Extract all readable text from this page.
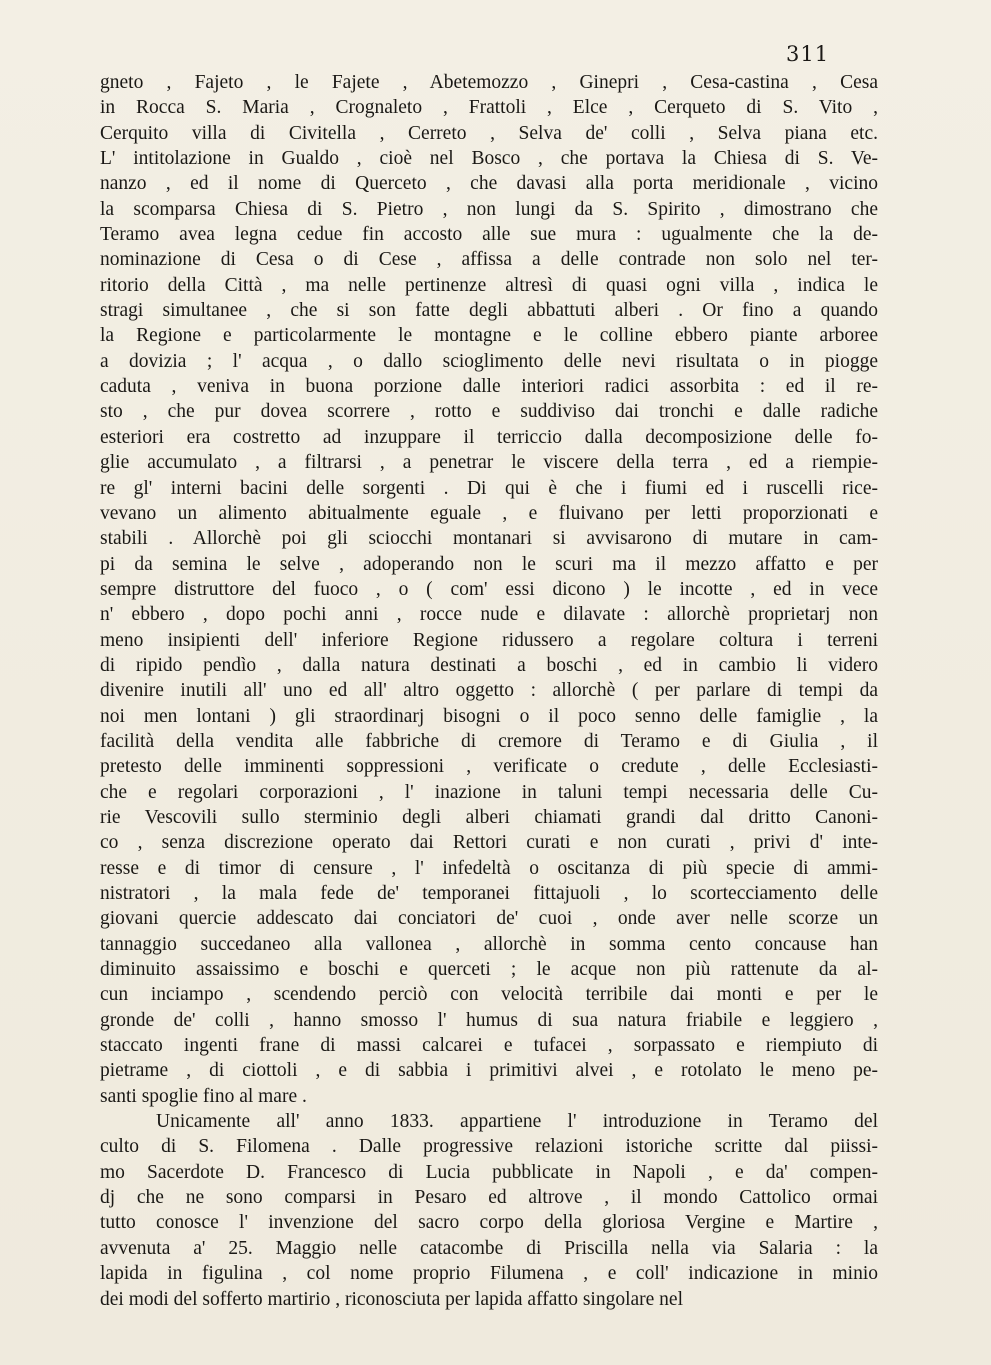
311
gneto , Fajeto , le Fajete , Abetemozzo , Ginepri , Cesa-castina , Cesa
in Rocca S. Maria , Crognaleto , Frattoli , Elce , Cerqueto di S. Vito ,
Cerquito villa di Civitella , Cerreto , Selva de' colli , Selva piana etc.
L' intitolazione in Gualdo , cioè nel Bosco , che portava la Chiesa di S. Ve-
nanzo , ed il nome di Querceto , che davasi alla porta meridionale , vicino
la scomparsa Chiesa di S. Pietro , non lungi da S. Spirito , dimostrano che
Teramo avea legna cedue fin accosto alle sue mura : ugualmente che la de-
nominazione di Cesa o di Cese , affissa a delle contrade non solo nel ter-
ritorio della Città , ma nelle pertinenze altresì di quasi ogni villa , indica le
stragi simultanee , che si son fatte degli abbattuti alberi . Or fino a quando
la Regione e particolarmente le montagne e le colline ebbero piante arboree
a dovizia ; l' acqua , o dallo scioglimento delle nevi risultata o in piogge
caduta , veniva in buona porzione dalle interiori radici assorbita : ed il re-
sto , che pur dovea scorrere , rotto e suddiviso dai tronchi e dalle radiche
esteriori era costretto ad inzuppare il terriccio dalla decomposizione delle fo-
glie accumulato , a filtrarsi , a penetrar le viscere della terra , ed a riempie-
re gl' interni bacini delle sorgenti . Di qui è che i fiumi ed i ruscelli rice-
vevano un alimento abitualmente eguale , e fluivano per letti proporzionati e
stabili . Allorchè poi gli sciocchi montanari si avvisarono di mutare in cam-
pi da semina le selve , adoperando non le scuri ma il mezzo affatto e per
sempre distruttore del fuoco , o ( com' essi dicono ) le incotte , ed in vece
n' ebbero , dopo pochi anni , rocce nude e dilavate : allorchè proprietarj non
meno insipienti dell' inferiore Regione ridussero a regolare coltura i terreni
di ripido pendìo , dalla natura destinati a boschi , ed in cambio li videro
divenire inutili all' uno ed all' altro oggetto : allorchè ( per parlare di tempi da
noi men lontani ) gli straordinarj bisogni o il poco senno delle famiglie , la
facilità della vendita alle fabbriche di cremore di Teramo e di Giulia , il
pretesto delle imminenti soppressioni , verificate o credute , delle Ecclesiasti-
che e regolari corporazioni , l' inazione in taluni tempi necessaria delle Cu-
rie Vescovili sullo sterminio degli alberi chiamati grandi dal dritto Canoni-
co , senza discrezione operato dai Rettori curati e non curati , privi d' inte-
resse e di timor di censure , l' infedeltà o oscitanza di più specie di ammi-
nistratori , la mala fede de' temporanei fittajuoli , lo scortecciamento delle
giovani quercie addescato dai conciatori de' cuoi , onde aver nelle scorze un
tannaggio succedaneo alla vallonea , allorchè in somma cento concause han
diminuito assaissimo e boschi e querceti ; le acque non più rattenute da al-
cun inciampo , scendendo perciò con velocità terribile dai monti e per le
gronde de' colli , hanno smosso l' humus di sua natura friabile e leggiero ,
staccato ingenti frane di massi calcarei e tufacei , sorpassato e riempiuto di
pietrame , di ciottoli , e di sabbia i primitivi alvei , e rotolato le meno pe-
santi spoglie fino al mare .
Unicamente all' anno 1833. appartiene l' introduzione in Teramo del
culto di S. Filomena . Dalle progressive relazioni istoriche scritte dal piissi-
mo Sacerdote D. Francesco di Lucia pubblicate in Napoli , e da' compen-
dj che ne sono comparsi in Pesaro ed altrove , il mondo Cattolico ormai
tutto conosce l' invenzione del sacro corpo della gloriosa Vergine e Martire ,
avvenuta a' 25. Maggio nelle catacombe di Priscilla nella via Salaria : la
lapida in figulina , col nome proprio Filumena , e coll' indicazione in minio
dei modi del sofferto martirio , riconosciuta per lapida affatto singolare nel
